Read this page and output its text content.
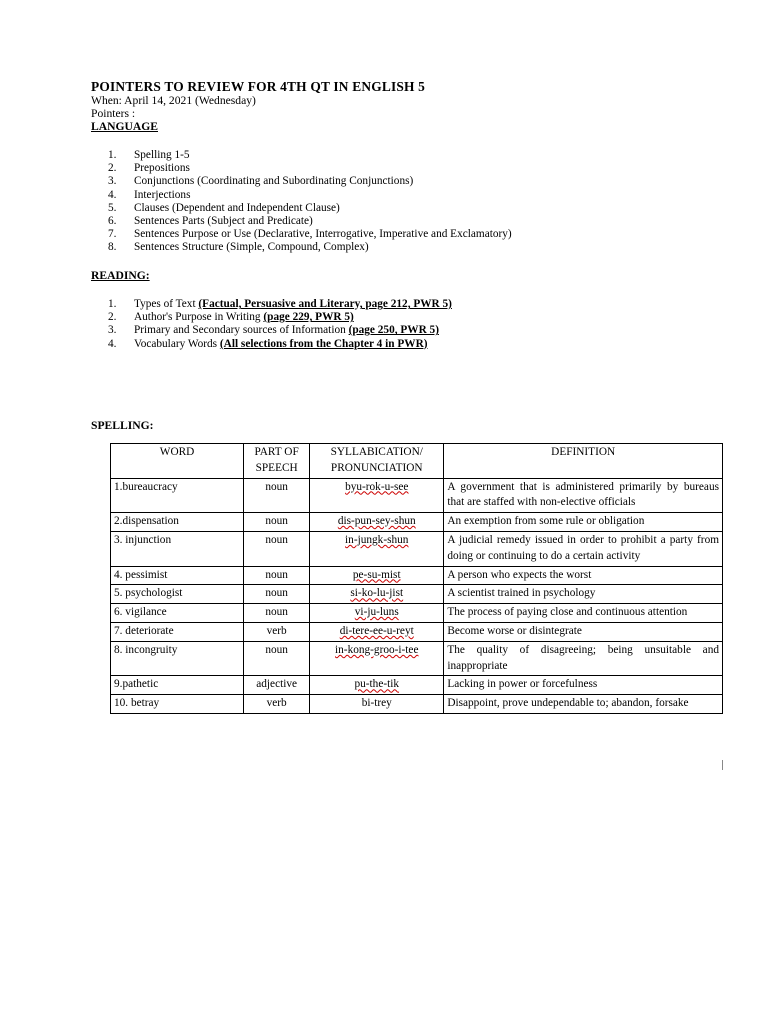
POINTERS TO REVIEW FOR 4TH QT IN ENGLISH 5
When: April 14, 2021 (Wednesday)
Pointers :
LANGUAGE
1. Spelling 1-5
2. Prepositions
3. Conjunctions (Coordinating and Subordinating Conjunctions)
4. Interjections
5. Clauses (Dependent and Independent Clause)
6. Sentences Parts (Subject and Predicate)
7. Sentences Purpose or Use (Declarative, Interrogative, Imperative and Exclamatory)
8. Sentences Structure (Simple, Compound, Complex)
READING:
1. Types of Text (Factual, Persuasive and Literary, page 212, PWR 5)
2. Author's Purpose in Writing (page 229, PWR 5)
3. Primary and Secondary sources of Information (page 250, PWR 5)
4. Vocabulary Words (All selections from the Chapter 4 in PWR)
SPELLING:
WORD	PART OF SPEECH	SYLLABICATION/ PRONUNCIATION	DEFINITION
1.bureaucracy	noun	byu-rok-u-see	A government that is administered primarily by bureaus that are staffed with non-elective officials
2.dispensation	noun	dis-pun-sey-shun	An exemption from some rule or obligation
3. injunction	noun	in-jungk-shun	A judicial remedy issued in order to prohibit a party from doing or continuing to do a certain activity
4. pessimist	noun	pe-su-mist	A person who expects the worst
5. psychologist	noun	si-ko-lu-jist	A scientist trained in psychology
6. vigilance	noun	vi-ju-luns	The process of paying close and continuous attention
7. deteriorate	verb	di-tere-ee-u-reyt	Become worse or disintegrate
8. incongruity	noun	in-kong-groo-i-tee	The quality of disagreeing; being unsuitable and inappropriate
9.pathetic	adjective	pu-the-tik	Lacking in power or forcefulness
10. betray	verb	bi-trey	Disappoint, prove undependable to; abandon, forsake
